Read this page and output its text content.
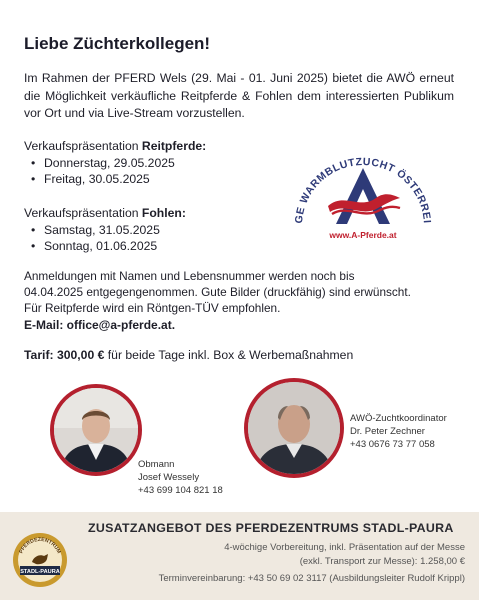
Liebe Züchterkollegen!
Im Rahmen der PFERD Wels (29. Mai - 01. Juni 2025) bietet die AWÖ erneut die Möglichkeit verkäufliche Reitpferde & Fohlen dem interessierten Publikum vor Ort und via Live-Stream vorzustellen.
Verkaufspräsentation Reitpferde:
• Donnerstag, 29.05.2025
• Freitag, 30.05.2025
Verkaufspräsentation Fohlen:
• Samstag, 31.05.2025
• Sonntag, 01.06.2025
GE WARMBLUTZUCHT ÖSTERREI
www.A-Pferde.at
Anmeldungen mit Namen und Lebensnummer werden noch bis
04.04.2025 entgegengenommen. Gute Bilder (druckfähig) sind erwünscht.
Für Reitpferde wird ein Röntgen-TÜV empfohlen.
E-Mail: office@a-pferde.at.
Tarif: 300,00 € für beide Tage inkl. Box & Werbemaßnahmen
Obmann
Josef Wessely
+43 699 104 821 18
AWÖ-Zuchtkoordinator
Dr. Peter Zechner
+43 0676 73 77 058
PFERDEZENTRUM
STADL-PAURA
ZUSATZANGEBOT DES PFERDEZENTRUMS STADL-PAURA
4-wöchige Vorbereitung, inkl. Präsentation auf der Messe
(exkl. Transport zur Messe): 1.258,00 €
Terminvereinbarung: +43 50 69 02 3117 (Ausbildungsleiter Rudolf Krippl)
